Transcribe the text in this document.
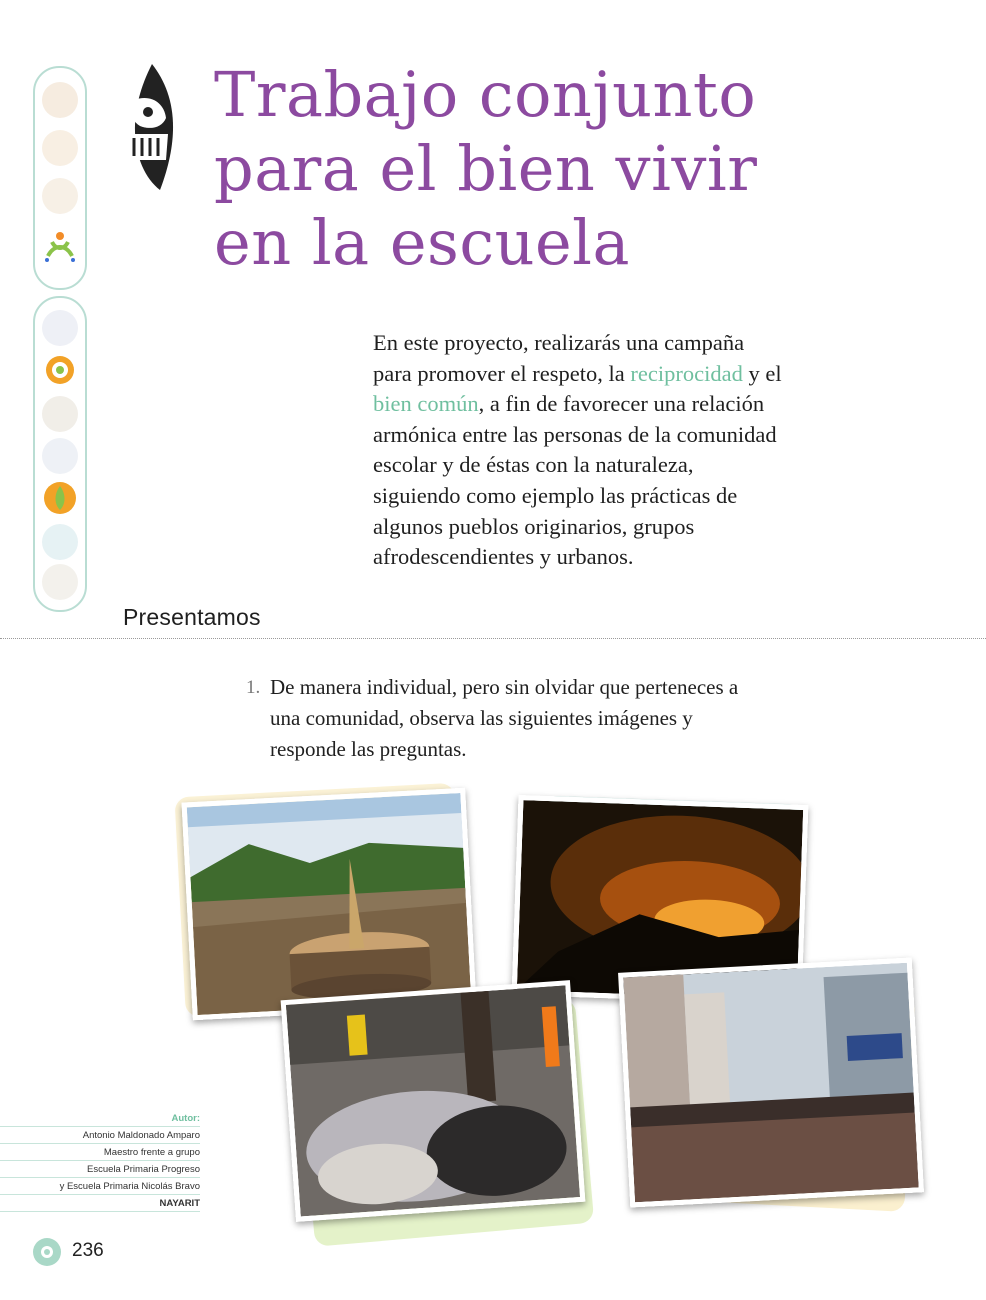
Trabajo conjunto
para el bien vivir
en la escuela
En este proyecto, realizarás una campaña para promover el respeto, la reciprocidad y el bien común, a fin de favorecer una relación armónica entre las personas de la comunidad escolar y de éstas con la naturaleza, siguiendo como ejemplo las prácticas de algunos pueblos originarios, grupos afrodescendientes y urbanos.
Presentamos
1. De manera individual, pero sin olvidar que perteneces a una comunidad, observa las siguientes imágenes y responde las preguntas.
Autor:
Antonio Maldonado Amparo
Maestro frente a grupo
Escuela Primaria Progreso
y Escuela Primaria Nicolás Bravo
NAYARIT
236
